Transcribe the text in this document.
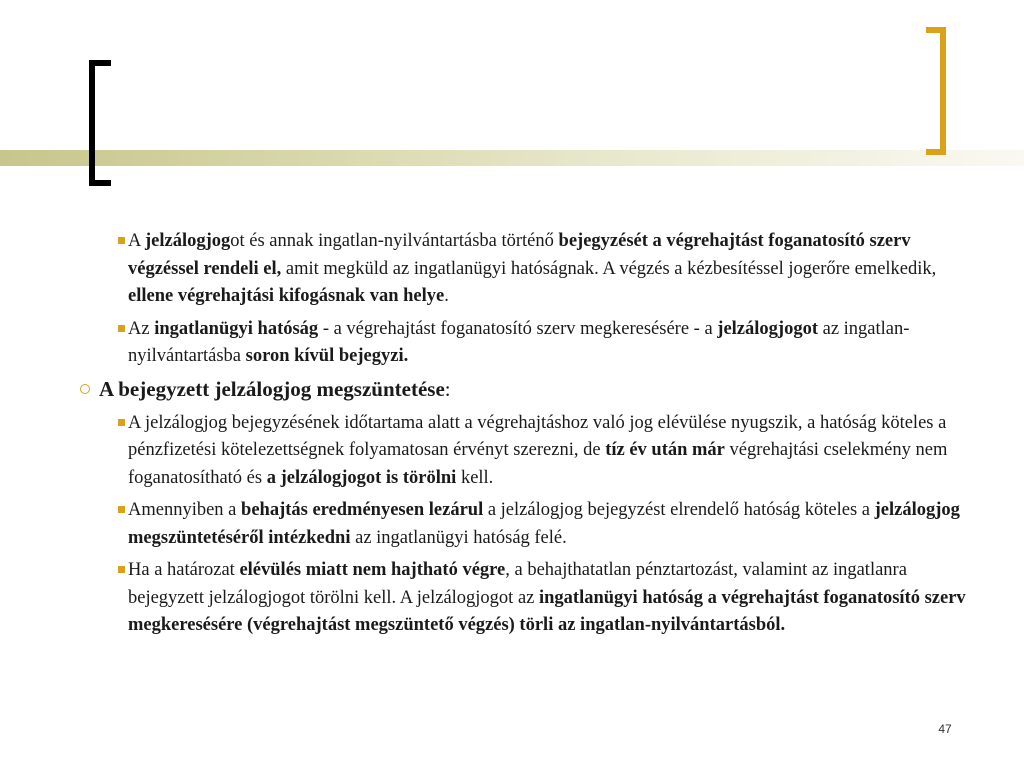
A jelzálogjogot és annak ingatlan-nyilvántartásba történő bejegyzését a végrehajtást foganatosító szerv végzéssel rendeli el, amit megküld az ingatlanügyi hatóságnak. A végzés a kézbesítéssel jogerőre emelkedik, ellene végrehajtási kifogásnak van helye.
Az ingatlanügyi hatóság - a végrehajtást foganatosító szerv megkeresésére - a jelzálogjogot az ingatlan-nyilvántartásba soron kívül bejegyzi.
A bejegyzett jelzálogjog megszüntetése:
A jelzálogjog bejegyzésének időtartama alatt a végrehajtáshoz való jog elévülése nyugszik, a hatóság köteles a pénzfizetési kötelezettségnek folyamatosan érvényt szerezni, de tíz év után már végrehajtási cselekmény nem foganatosítható és a jelzálogjogot is törölni kell.
Amennyiben a behajtás eredményesen lezárul a jelzálogjog bejegyzést elrendelő hatóság köteles a jelzálogjog megszüntetéséről intézkedni az ingatlanügyi hatóság felé.
Ha a határozat elévülés miatt nem hajtható végre, a behajthatatlan pénztartozást, valamint az ingatlanra bejegyzett jelzálogjogot törölni kell. A jelzálogjogot az ingatlanügyi hatóság a végrehajtást foganatosító szerv megkeresésére (végrehajtást megszüntető végzés) törli az ingatlan-nyilvántartásból.
47
